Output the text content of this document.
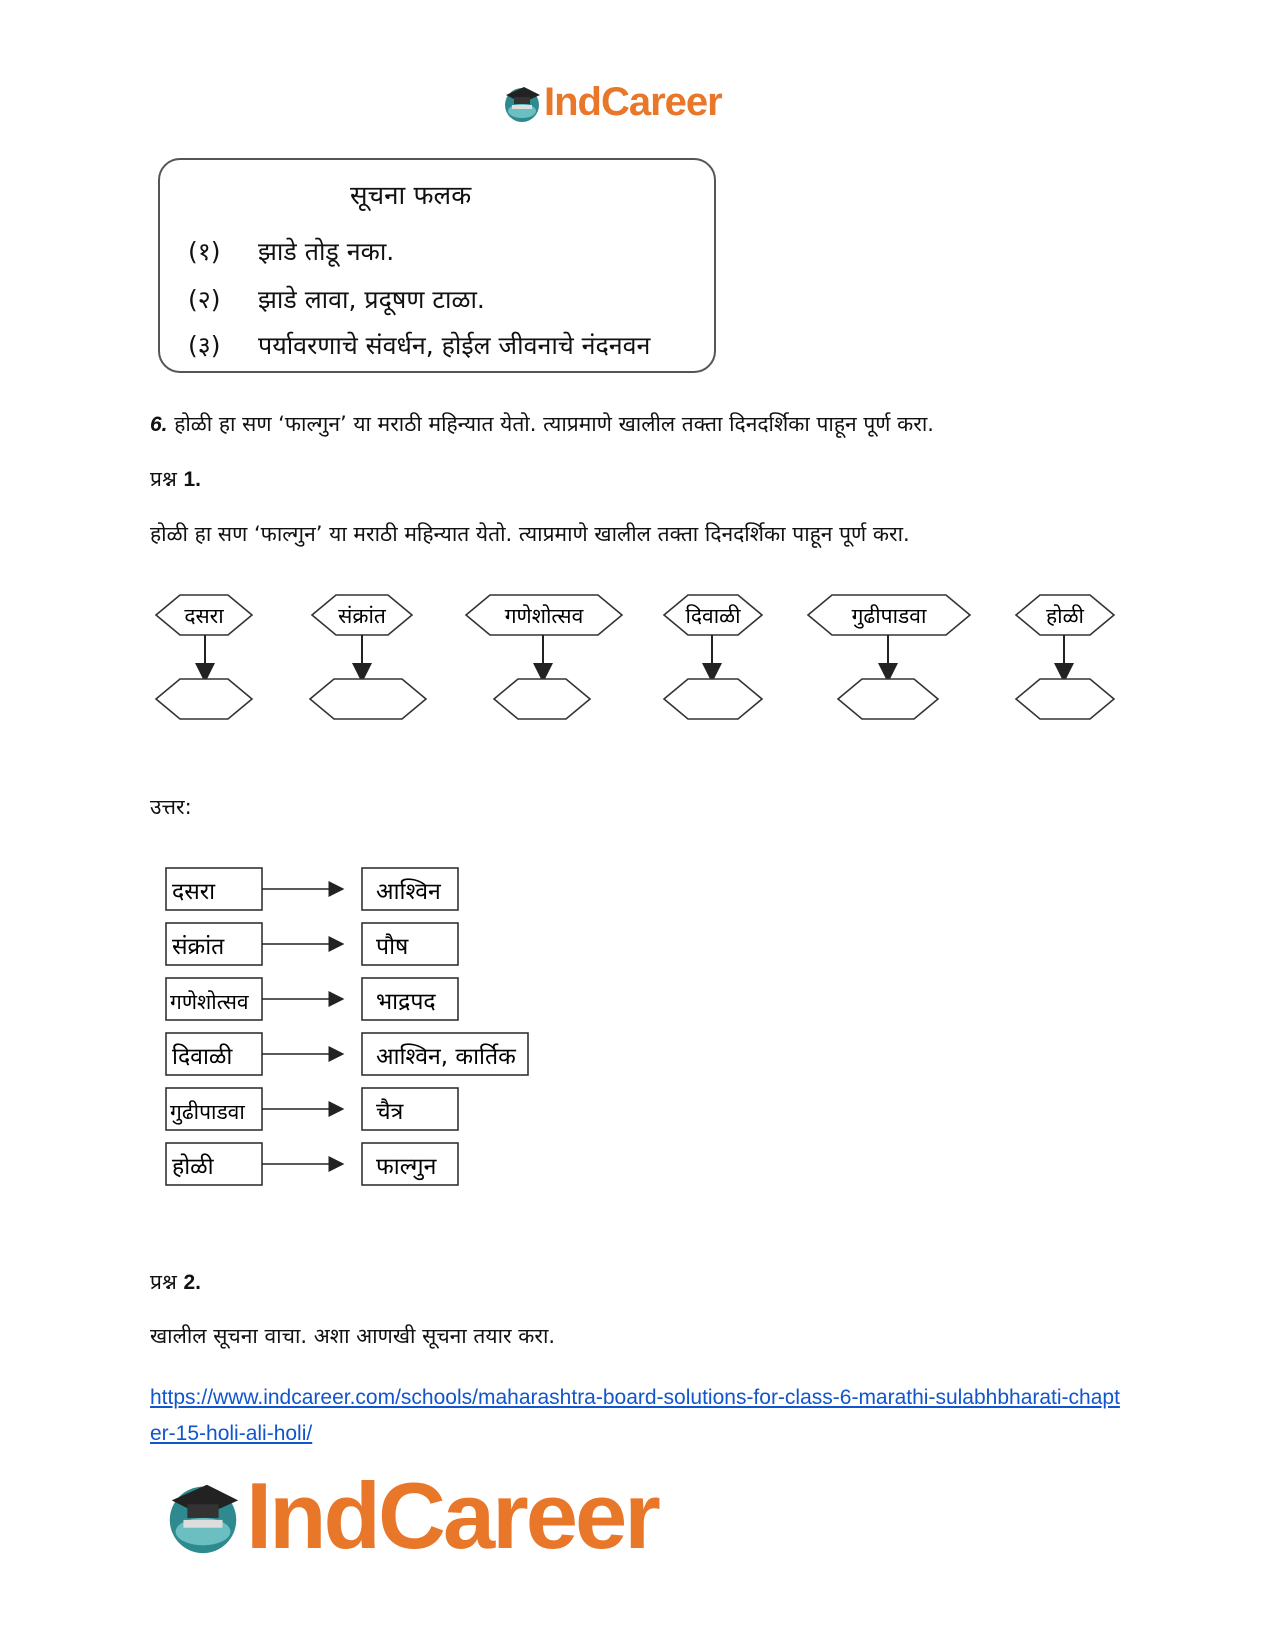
IndCareer
सूचना फलक
(१) झाडे तोडू नका.
(२) झाडे लावा, प्रदूषण टाळा.
(३) पर्यावरणाचे संवर्धन, होईल जीवनाचे नंदनवन
6. होळी हा सण ‘फाल्गुन’ या मराठी महिन्यात येतो. त्याप्रमाणे खालील तक्ता दिनदर्शिका पाहून पूर्ण करा.
प्रश्न 1.
होळी हा सण ‘फाल्गुन’ या मराठी महिन्यात येतो. त्याप्रमाणे खालील तक्ता दिनदर्शिका पाहून पूर्ण करा.
दसरा	संक्रांत	गणेशोत्सव	दिवाळी	गुढीपाडवा	होळी
उत्तर:
दसरा	आश्विन
संक्रांत	पौष
गणेशोत्सव	भाद्रपद
दिवाळी	आश्विन, कार्तिक
गुढीपाडवा	चैत्र
होळी	फाल्गुन
प्रश्न 2.
खालील सूचना वाचा. अशा आणखी सूचना तयार करा.
https://www.indcareer.com/schools/maharashtra-board-solutions-for-class-6-marathi-sulabhbharati-chapter-15-holi-ali-holi/
IndCareer
